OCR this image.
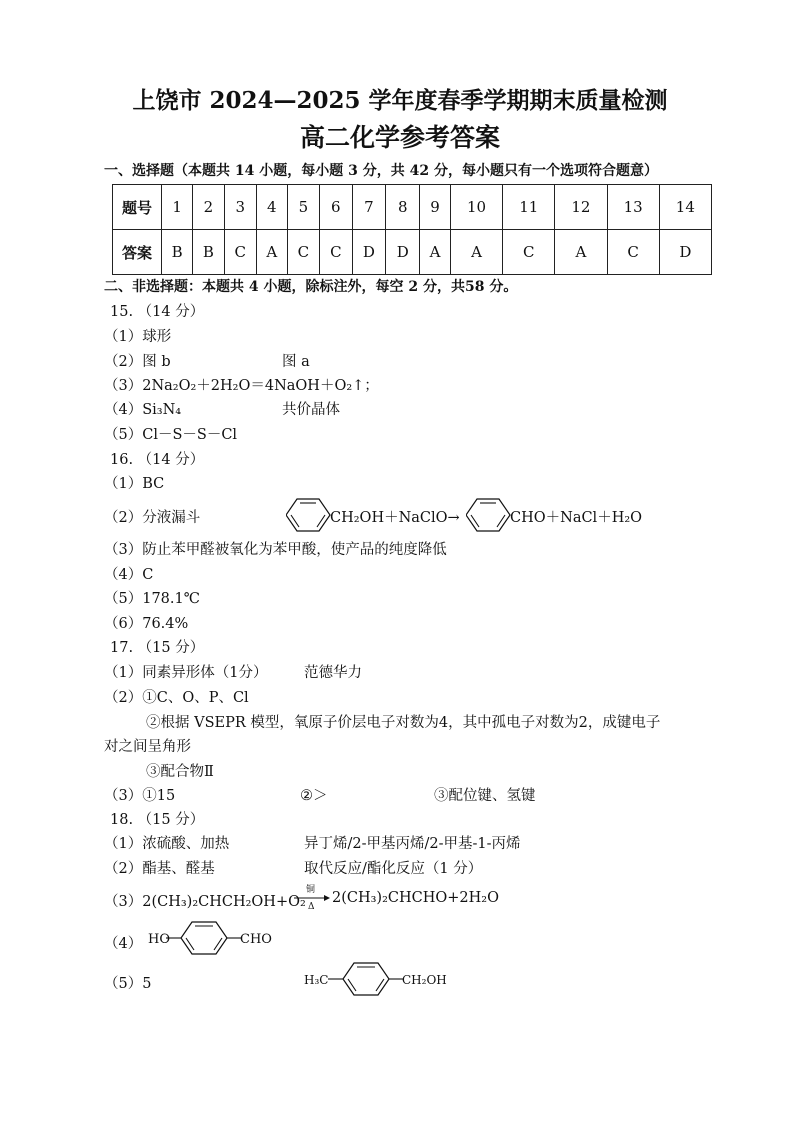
上饶市 2024—2025 学年度春季学期期末质量检测
高二化学参考答案
一、选择题（本题共 14 小题，每小题 3 分，共 42 分，每小题只有一个选项符合题意）
题号	1	2	3	4	5	6	7	8	9	10	11	12	13	14
答案	B	B	C	A	C	C	D	D	A	A	C	A	C	D
二、非选择题：本题共 4 小题，除标注外，每空 2 分，共58 分。
15. （14 分）
（1）球形
（2）图 b	图 a
（3）2Na₂O₂＋2H₂O＝4NaOH＋O₂↑；
（4）Si₃N₄	共价晶体
（5）Cl－S－S－Cl
16. （14 分）
（1）BC
（2）分液漏斗	CH₂OH＋NaClO→	CHO＋NaCl＋H₂O
（3）防止苯甲醛被氧化为苯甲酸，使产品的纯度降低
（4）C
（5）178.1℃
（6）76.4%
17. （15 分）
（1）同素异形体（1分）	范德华力
（2）①C、O、P、Cl
②根据 VSEPR 模型，氧原子价层电子对数为4，其中孤电子对数为2，成键电子
对之间呈角形
③配合物Ⅱ
（3）①15	②＞	③配位键、氢键
18. （15 分）
（1）浓硫酸、加热	异丁烯/2-甲基丙烯/2-甲基-1-丙烯
（2）酯基、醛基	取代反应/酯化反应（1 分）
（3）2(CH₃)₂CHCH₂OH+O₂
铜
Δ
2(CH₃)₂CHCHO+2H₂O
（4） HO	CHO
（5）5	H₃C	CH₂OH
